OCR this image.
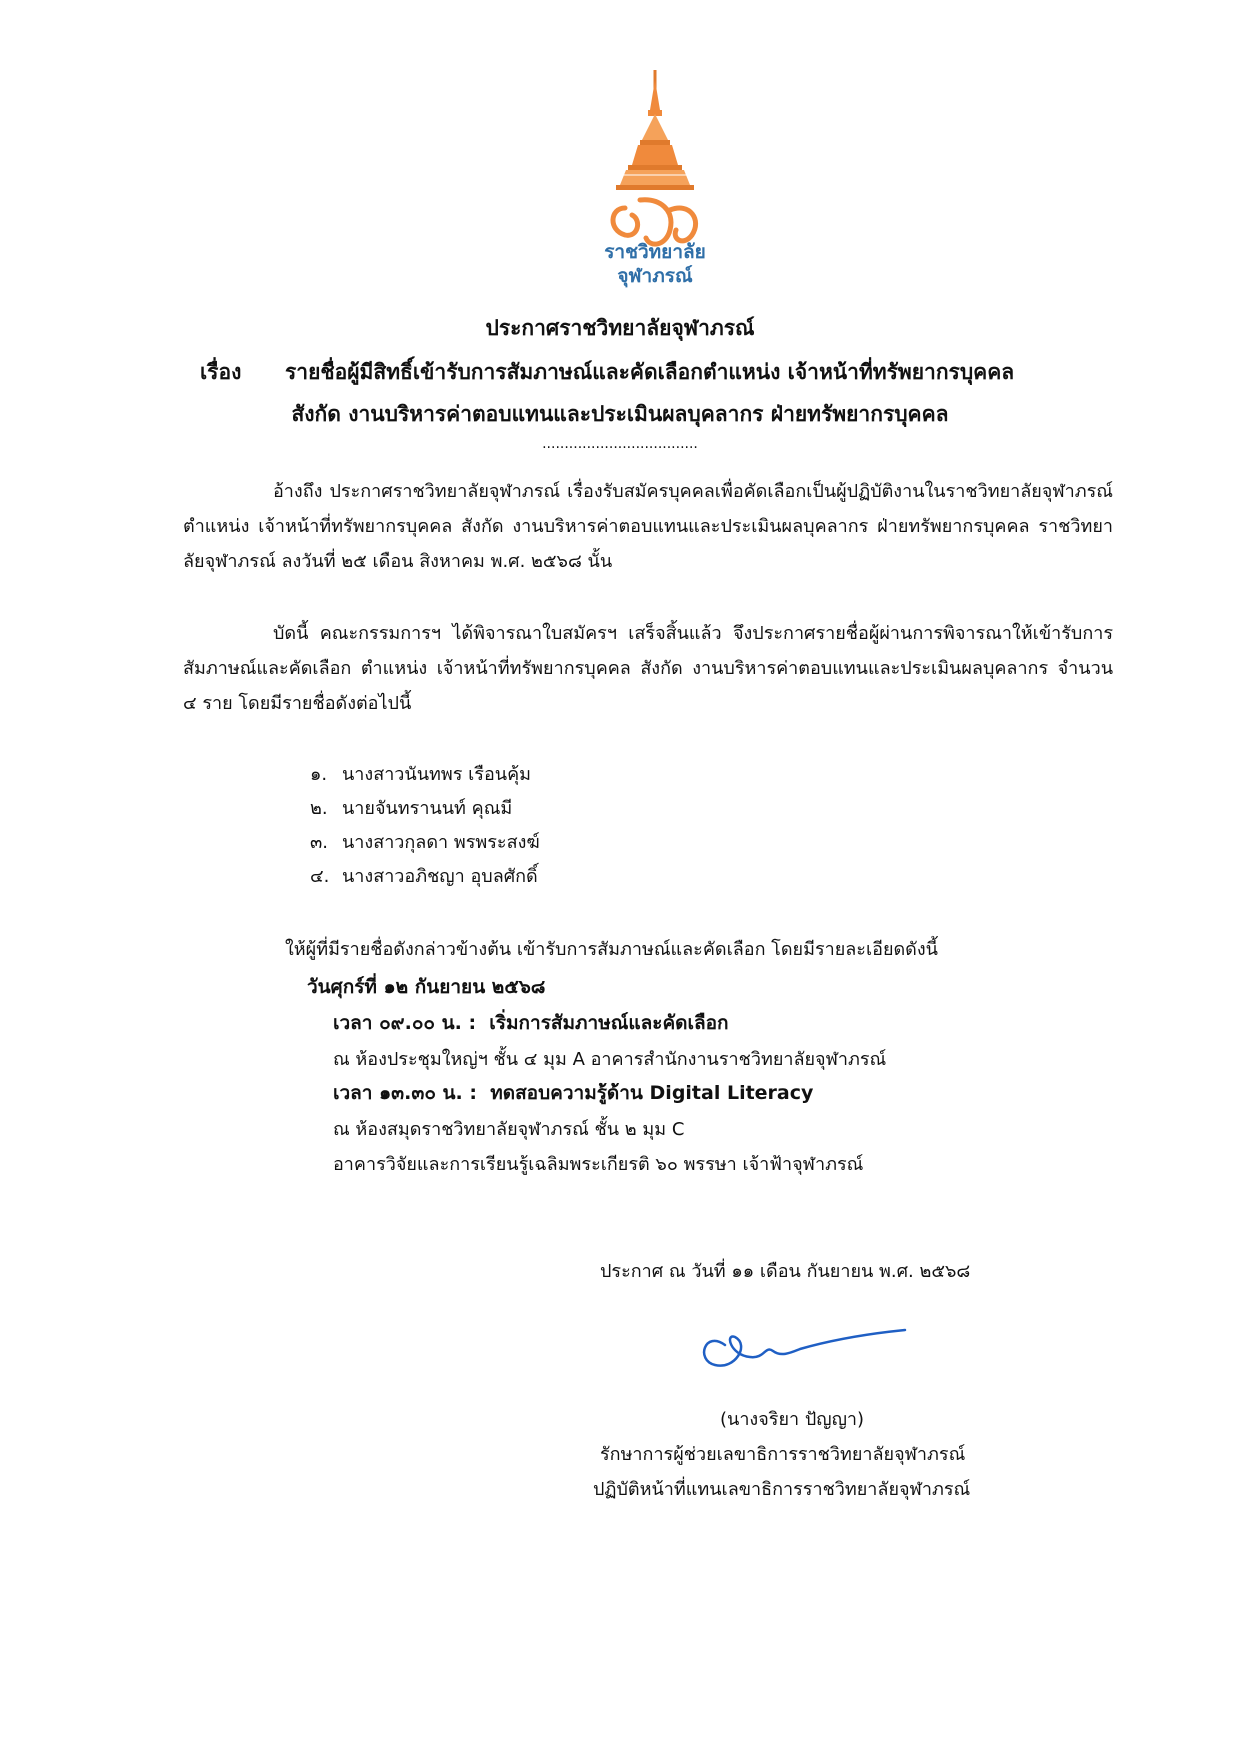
ราชวิทยาลัย
จุฬาภรณ์
ประกาศราชวิทยาลัยจุฬาภรณ์
เรื่อง รายชื่อผู้มีสิทธิ์เข้ารับการสัมภาษณ์และคัดเลือกตำแหน่ง เจ้าหน้าที่ทรัพยากรบุคคล
สังกัด งานบริหารค่าตอบแทนและประเมินผลบุคลากร ฝ่ายทรัพยากรบุคคล
...................................
อ้างถึง ประกาศราชวิทยาลัยจุฬาภรณ์ เรื่องรับสมัครบุคคลเพื่อคัดเลือกเป็นผู้ปฏิบัติงานในราชวิทยาลัยจุฬาภรณ์ ตำแหน่ง เจ้าหน้าที่ทรัพยากรบุคคล สังกัด งานบริหารค่าตอบแทนและประเมินผลบุคลากร ฝ่ายทรัพยากรบุคคล ราชวิทยาลัยจุฬาภรณ์ ลงวันที่ ๒๕ เดือน สิงหาคม พ.ศ. ๒๕๖๘ นั้น
บัดนี้ คณะกรรมการฯ ได้พิจารณาใบสมัครฯ เสร็จสิ้นแล้ว จึงประกาศรายชื่อผู้ผ่านการพิจารณาให้เข้ารับการสัมภาษณ์และคัดเลือก ตำแหน่ง เจ้าหน้าที่ทรัพยากรบุคคล สังกัด งานบริหารค่าตอบแทนและประเมินผลบุคลากร จำนวน ๔ ราย โดยมีรายชื่อดังต่อไปนี้
๑. นางสาวนันทพร เรือนคุ้ม
๒. นายจันทรานนท์ คุณมี
๓. นางสาวกุลดา พรพระสงฆ์
๔. นางสาวอภิชญา อุบลศักดิ์
ให้ผู้ที่มีรายชื่อดังกล่าวข้างต้น เข้ารับการสัมภาษณ์และคัดเลือก โดยมีรายละเอียดดังนี้
วันศุกร์ที่ ๑๒ กันยายน ๒๕๖๘
เวลา ๐๙.๐๐ น. : เริ่มการสัมภาษณ์และคัดเลือก
ณ ห้องประชุมใหญ่ฯ ชั้น ๔ มุม A อาคารสำนักงานราชวิทยาลัยจุฬาภรณ์
เวลา ๑๓.๓๐ น. : ทดสอบความรู้ด้าน Digital Literacy
ณ ห้องสมุดราชวิทยาลัยจุฬาภรณ์ ชั้น ๒ มุม C
อาคารวิจัยและการเรียนรู้เฉลิมพระเกียรติ ๖๐ พรรษา เจ้าฟ้าจุฬาภรณ์
ประกาศ ณ วันที่ ๑๑ เดือน กันยายน พ.ศ. ๒๕๖๘
(นางจริยา ปัญญา)
รักษาการผู้ช่วยเลขาธิการราชวิทยาลัยจุฬาภรณ์
ปฏิบัติหน้าที่แทนเลขาธิการราชวิทยาลัยจุฬาภรณ์
